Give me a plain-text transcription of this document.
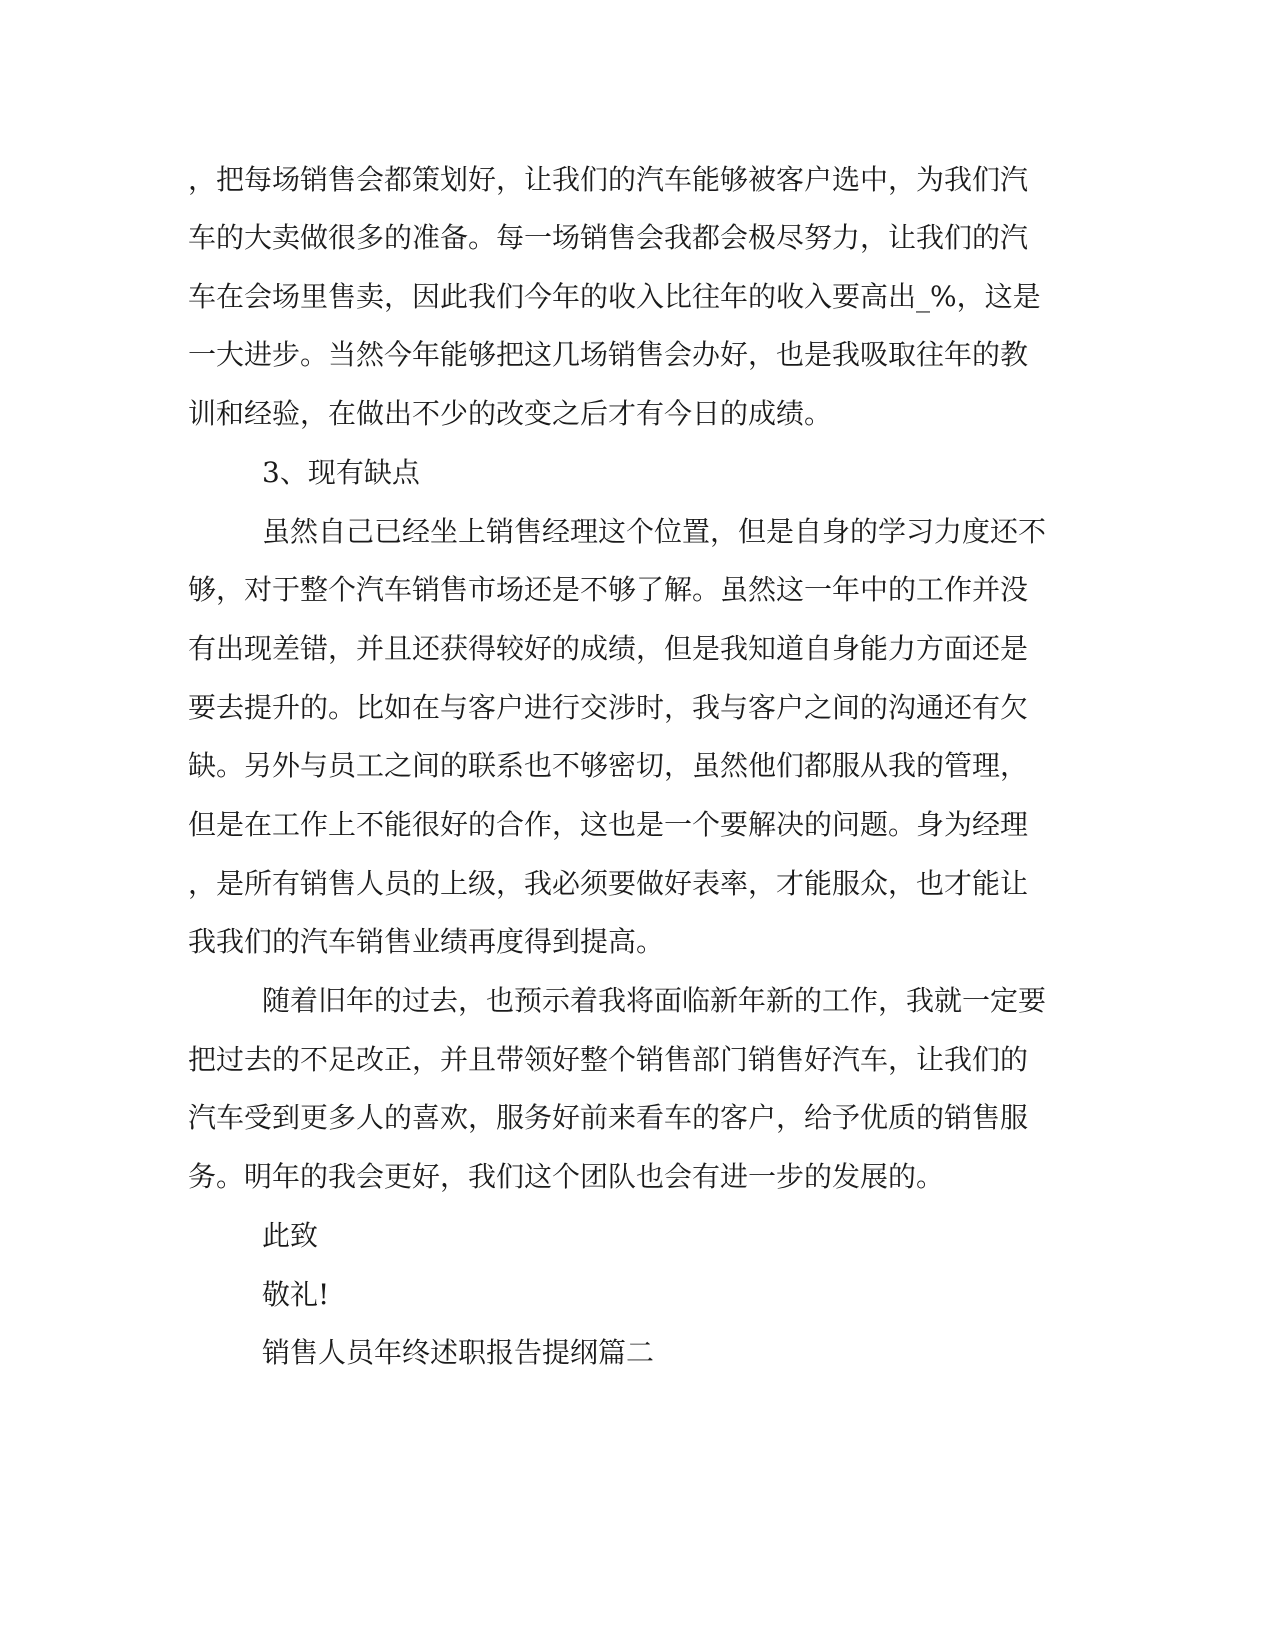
，把每场销售会都策划好，让我们的汽车能够被客户选中，为我们汽
车的大卖做很多的准备。每一场销售会我都会极尽努力，让我们的汽
车在会场里售卖，因此我们今年的收入比往年的收入要高出_%，这是
一大进步。当然今年能够把这几场销售会办好，也是我吸取往年的教
训和经验，在做出不少的改变之后才有今日的成绩。
3、现有缺点
虽然自己已经坐上销售经理这个位置，但是自身的学习力度还不
够，对于整个汽车销售市场还是不够了解。虽然这一年中的工作并没
有出现差错，并且还获得较好的成绩，但是我知道自身能力方面还是
要去提升的。比如在与客户进行交涉时，我与客户之间的沟通还有欠
缺。另外与员工之间的联系也不够密切，虽然他们都服从我的管理，
但是在工作上不能很好的合作，这也是一个要解决的问题。身为经理
，是所有销售人员的上级，我必须要做好表率，才能服众，也才能让
我我们的汽车销售业绩再度得到提高。
随着旧年的过去，也预示着我将面临新年新的工作，我就一定要
把过去的不足改正，并且带领好整个销售部门销售好汽车，让我们的
汽车受到更多人的喜欢，服务好前来看车的客户，给予优质的销售服
务。明年的我会更好，我们这个团队也会有进一步的发展的。
此致
敬礼!
销售人员年终述职报告提纲篇二
